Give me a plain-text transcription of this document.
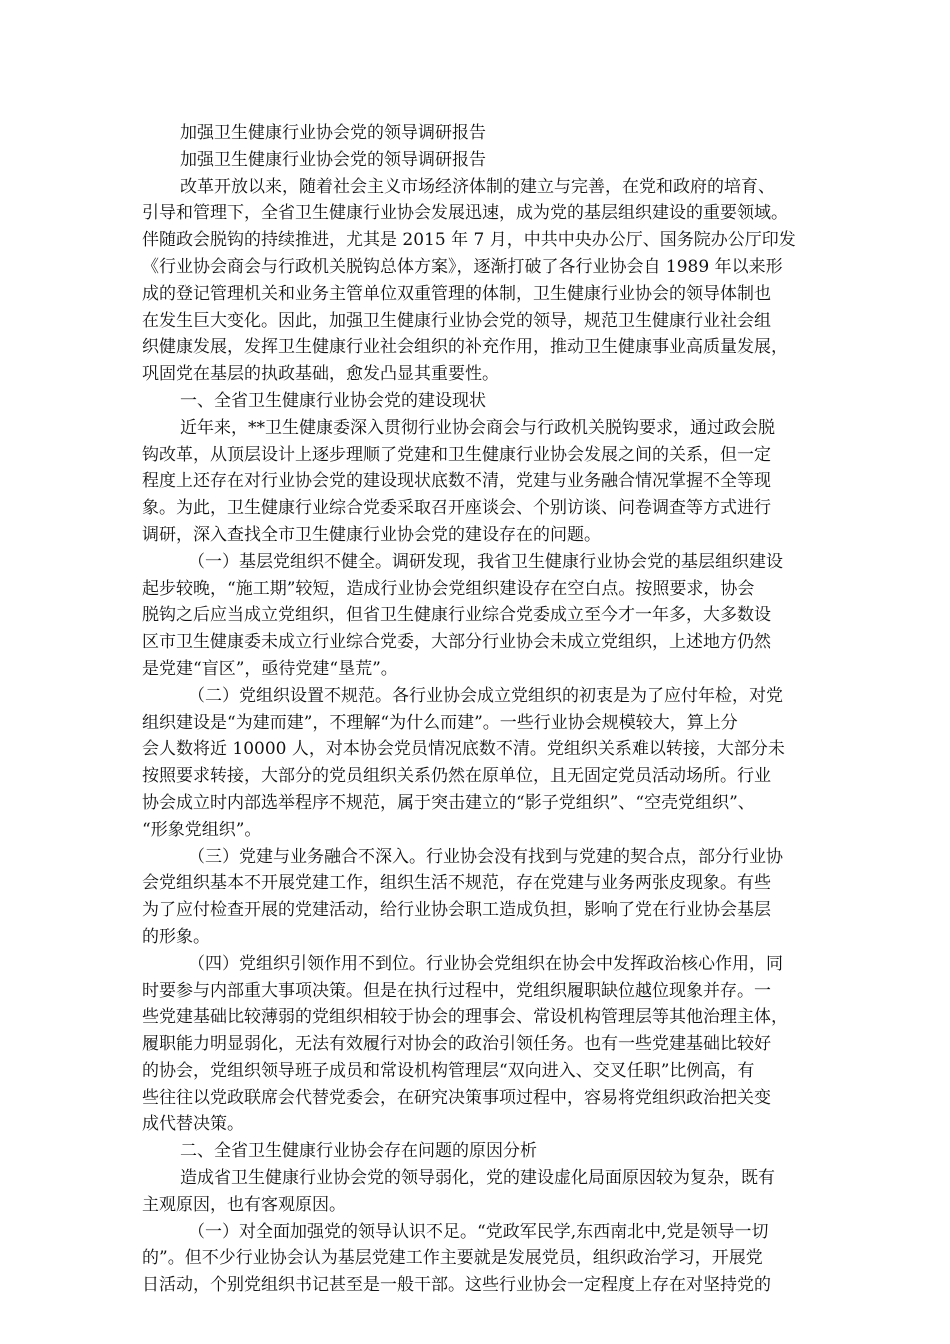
加强卫生健康行业协会党的领导调研报告
加强卫生健康行业协会党的领导调研报告
改革开放以来，随着社会主义市场经济体制的建立与完善，在党和政府的培育、
引导和管理下，全省卫生健康行业协会发展迅速，成为党的基层组织建设的重要领域。
伴随政会脱钩的持续推进，尤其是 2015 年 7 月，中共中央办公厅、国务院办公厅印发
《行业协会商会与行政机关脱钩总体方案》，逐渐打破了各行业协会自 1989 年以来形
成的登记管理机关和业务主管单位双重管理的体制，卫生健康行业协会的领导体制也
在发生巨大变化。因此，加强卫生健康行业协会党的领导，规范卫生健康行业社会组
织健康发展，发挥卫生健康行业社会组织的补充作用，推动卫生健康事业高质量发展，
巩固党在基层的执政基础，愈发凸显其重要性。
一、全省卫生健康行业协会党的建设现状
近年来，**卫生健康委深入贯彻行业协会商会与行政机关脱钩要求，通过政会脱
钩改革，从顶层设计上逐步理顺了党建和卫生健康行业协会发展之间的关系，但一定
程度上还存在对行业协会党的建设现状底数不清，党建与业务融合情况掌握不全等现
象。为此，卫生健康行业综合党委采取召开座谈会、个别访谈、问卷调查等方式进行
调研，深入查找全市卫生健康行业协会党的建设存在的问题。
（一）基层党组织不健全。调研发现，我省卫生健康行业协会党的基层组织建设
起步较晚，“施工期”较短，造成行业协会党组织建设存在空白点。按照要求，协会
脱钩之后应当成立党组织，但省卫生健康行业综合党委成立至今才一年多，大多数设
区市卫生健康委未成立行业综合党委，大部分行业协会未成立党组织，上述地方仍然
是党建“盲区”，亟待党建“垦荒”。
（二）党组织设置不规范。各行业协会成立党组织的初衷是为了应付年检，对党
组织建设是“为建而建”，不理解“为什么而建”。一些行业协会规模较大，算上分
会人数将近 10000 人，对本协会党员情况底数不清。党组织关系难以转接，大部分未
按照要求转接，大部分的党员组织关系仍然在原单位，且无固定党员活动场所。行业
协会成立时内部选举程序不规范，属于突击建立的“影子党组织”、“空壳党组织”、
“形象党组织”。
（三）党建与业务融合不深入。行业协会没有找到与党建的契合点，部分行业协
会党组织基本不开展党建工作，组织生活不规范，存在党建与业务两张皮现象。有些
为了应付检查开展的党建活动，给行业协会职工造成负担，影响了党在行业协会基层
的形象。
（四）党组织引领作用不到位。行业协会党组织在协会中发挥政治核心作用，同
时要参与内部重大事项决策。但是在执行过程中，党组织履职缺位越位现象并存。一
些党建基础比较薄弱的党组织相较于协会的理事会、常设机构管理层等其他治理主体，
履职能力明显弱化，无法有效履行对协会的政治引领任务。也有一些党建基础比较好
的协会，党组织领导班子成员和常设机构管理层“双向进入、交叉任职”比例高，有
些往往以党政联席会代替党委会，在研究决策事项过程中，容易将党组织政治把关变
成代替决策。
二、全省卫生健康行业协会存在问题的原因分析
造成省卫生健康行业协会党的领导弱化，党的建设虚化局面原因较为复杂，既有
主观原因，也有客观原因。
（一）对全面加强党的领导认识不足。“党政军民学,东西南北中,党是领导一切
的”。但不少行业协会认为基层党建工作主要就是发展党员，组织政治学习，开展党
日活动，个别党组织书记甚至是一般干部。这些行业协会一定程度上存在对坚持党的
